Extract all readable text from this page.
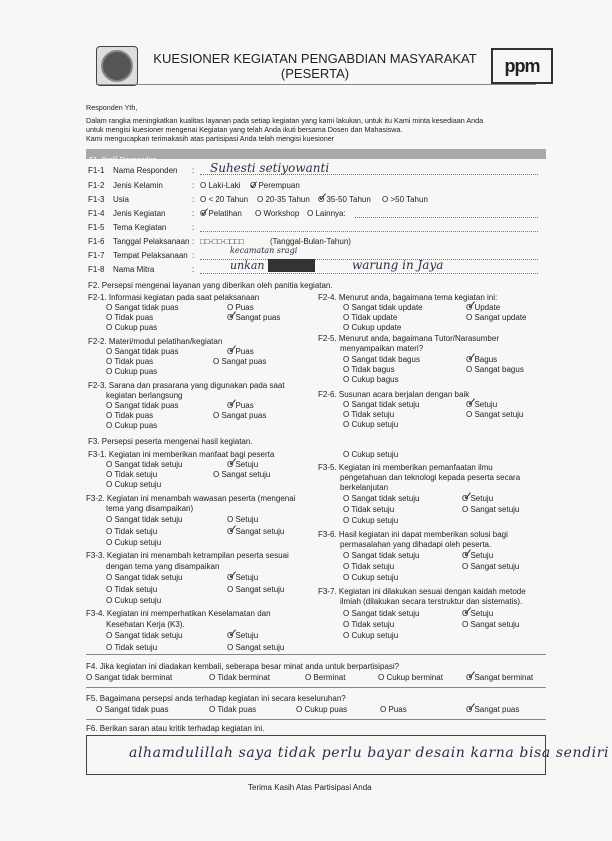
KUESIONER KEGIATAN PENGABDIAN MASYARAKAT
(PESERTA)	ppm
Responden Yth,
Dalam rangka meningkatkan kualitas layanan pada setiap kegiatan yang kami lakukan, untuk itu Kami minta kesediaan Anda
untuk mengisi kuesioner mengenai Kegiatan yang telah Anda ikuti bersama Dosen dan Mahasiswa.
Kami mengucapkan terimakasih atas partisipasi Anda telah mengisi kuesioner
F1. Profil Responden
F1-1 Nama Responden : Suhesti setiyowanti
F1-2 Jenis Kelamin	:	O Laki-Laki	O Perempuan
✓
F1-3 Usia	:	O < 20 Tahun	O 20-35 Tahun	O 35-50 Tahun	O >50 Tahun
✓
F1-4 Jenis Kegiatan	:	O Pelatihan	O Workshop	O Lainnya:
✓
F1-5 Tema Kegiatan	:
F1-6 Tanggal Pelaksanaan : □□-□□-□□□□	(Tanggal-Bulan-Tahun)
F1-7 Tempat Pelaksanaan :
kecamatan sragi
F1-8 Nama Mitra	:	unkan xxxx xxx	warung in Jaya
F2. Persepsi mengenai layanan yang diberikan oleh panitia kegiatan.
F2-1. Informasi kegiatan pada saat pelaksanaan
O Sangat tidak puas	O Puas
O Tidak puas	O Sangat puas
O Cukup puas
✓
F2-2. Materi/modul pelatihan/kegiatan
O Sangat tidak puas	O Puas
O Tidak puas	O Sangat puas
O Cukup puas
✓
F2-3. Sarana dan prasarana yang digunakan pada saat
kegiatan berlangsung
O Sangat tidak puas	O Puas
O Tidak puas	O Sangat puas
O Cukup puas
✓
F2-4. Menurut anda, bagaimana tema kegiatan ini:
O Sangat tidak update	O Update
O Tidak update	O Sangat update
O Cukup update
✓
F2-5. Menurut anda, bagaimana Tutor/Narasumber
menyampaikan materi?
O Sangat tidak bagus	O Bagus
O Tidak bagus	O Sangat bagus
O Cukup bagus
✓
F2-6. Susunan acara berjalan dengan baik
O Sangat tidak setuju	O Setuju
O Tidak setuju	O Sangat setuju
O Cukup setuju
✓
F3. Persepsi peserta mengenai hasil kegiatan.
F3-1. Kegiatan ini memberikan manfaat bagi peserta
O Sangat tidak setuju	O Setuju
O Tidak setuju	O Sangat setuju
O Cukup setuju
✓
F3-2. Kegiatan ini menambah wawasan peserta (mengenai
tema yang disampaikan)
O Sangat tidak setuju	O Setuju
O Tidak setuju	O Sangat setuju
O Cukup setuju
✓
F3-3. Kegiatan ini menambah ketrampilan peserta sesuai
dengan tema yang disampaikan
O Sangat tidak setuju	O Setuju
O Tidak setuju	O Sangat setuju
O Cukup setuju
✓
F3-4. Kegiatan ini memperhatikan Keselamatan dan
Kesehatan Kerja (K3).
O Sangat tidak setuju	O Setuju
O Tidak setuju	O Sangat setuju
✓
O Cukup setuju
F3-5. Kegiatan ini memberikan pemanfaatan ilmu
pengetahuan dan teknologi kepada peserta secara
berkelanjutan
O Sangat tidak setuju	O Setuju
O Tidak setuju	O Sangat setuju
O Cukup setuju
✓
F3-6. Hasil kegiatan ini dapat memberikan solusi bagi
permasalahan yang dihadapi oleh peserta.
O Sangat tidak setuju	O Setuju
O Tidak setuju	O Sangat setuju
O Cukup setuju
✓
F3-7. Kegiatan ini dilakukan sesuai dengan kaidah metode
ilmiah (dilakukan secara terstruktur dan sistematis).
O Sangat tidak setuju	O Setuju
O Tidak setuju	O Sangat setuju
O Cukup setuju
✓
F4. Jika kegiatan ini diadakan kembali, seberapa besar minat anda untuk berpartisipasi?
O Sangat tidak berminat	O Tidak berminat	O Berminat	O Cukup berminat	O Sangat berminat
✓
F5. Bagaimana persepsi anda terhadap kegiatan ini secara keseluruhan?
O Sangat tidak puas	O Tidak puas	O Cukup puas	O Puas	O Sangat puas
✓
F6. Berikan saran atau kritik terhadap kegiatan ini.
alhamdulillah saya tidak perlu bayar desain karna bisa sendiri
Terima Kasih Atas Partisipasi Anda
